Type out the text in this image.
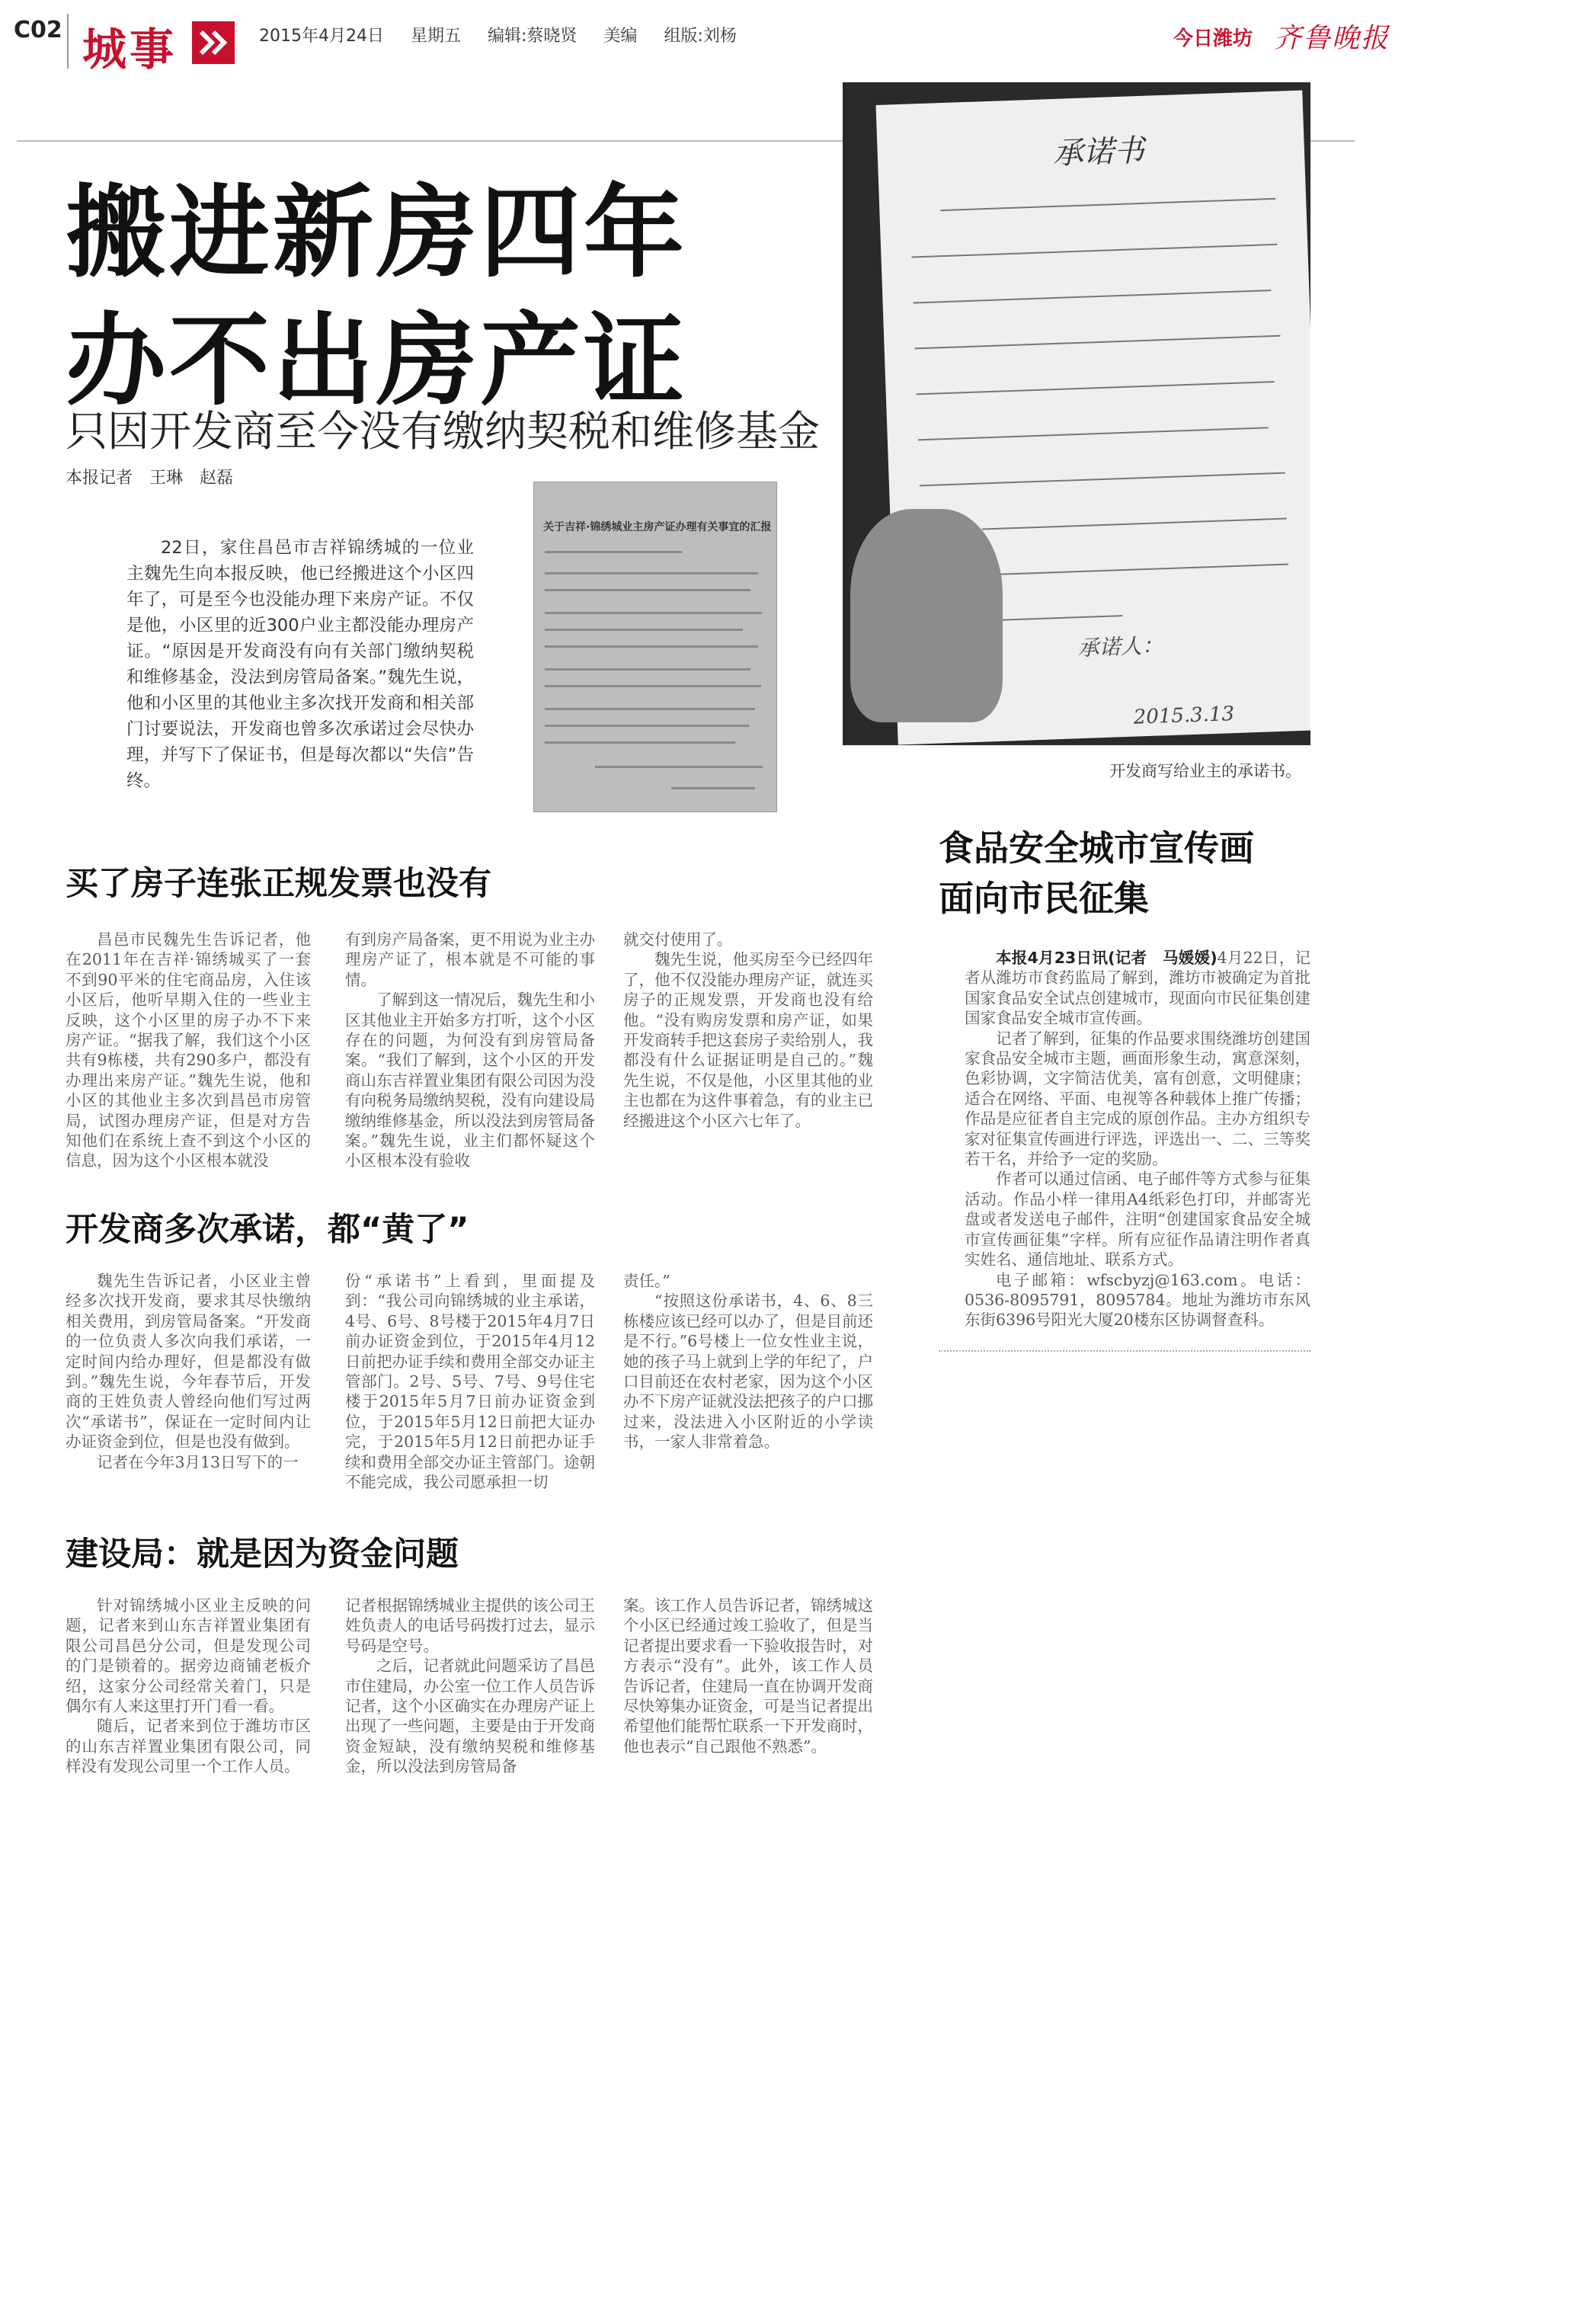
C02 城事	2015年4月24日 星期五 编辑:蔡晓贤 美编 组版:刘杨	今日潍坊 齐鲁晚报
搬进新房四年
办不出房产证
只因开发商至今没有缴纳契税和维修基金
本报记者　王琳　赵磊
22日，家住昌邑市吉祥锦绣城的一位业主魏先生向本报反映，他已经搬进这个小区四年了，可是至今也没能办理下来房产证。不仅是他，小区里的近300户业主都没能办理房产证。“原因是开发商没有向有关部门缴纳契税和维修基金，没法到房管局备案。”魏先生说，他和小区里的其他业主多次找开发商和相关部门讨要说法，开发商也曾多次承诺过会尽快办理，并写下了保证书，但是每次都以“失信”告终。
关于吉祥·锦绣城业主房产证办理有关事宜的汇报
承诺书
承诺人：
2015.3.13
开发商写给业主的承诺书。
买了房子连张正规发票也没有

昌邑市民魏先生告诉记者，他在2011年在吉祥·锦绣城买了一套不到90平米的住宅商品房，入住该小区后，他听早期入住的一些业主反映，这个小区里的房子办不下来房产证。“据我了解，我们这个小区共有9栋楼，共有290多户，都没有办理出来房产证。”魏先生说，他和小区的其他业主多次到昌邑市房管局，试图办理房产证，但是对方告知他们在系统上查不到这个小区的信息，因为这个小区根本就没

有到房产局备案，更不用说为业主办理房产证了，根本就是不可能的事情。

了解到这一情况后，魏先生和小区其他业主开始多方打听，这个小区存在的问题，为何没有到房管局备案。“我们了解到，这个小区的开发商山东吉祥置业集团有限公司因为没有向税务局缴纳契税，没有向建设局缴纳维修基金，所以没法到房管局备案。”魏先生说，业主们都怀疑这个小区根本没有验收

就交付使用了。

魏先生说，他买房至今已经四年了，他不仅没能办理房产证，就连买房子的正规发票，开发商也没有给他。“没有购房发票和房产证，如果开发商转手把这套房子卖给别人，我都没有什么证据证明是自己的。”魏先生说，不仅是他，小区里其他的业主也都在为这件事着急，有的业主已经搬进这个小区六七年了。

开发商多次承诺，都“黄了”

魏先生告诉记者，小区业主曾经多次找开发商，要求其尽快缴纳相关费用，到房管局备案。“开发商的一位负责人多次向我们承诺，一定时间内给办理好，但是都没有做到。”魏先生说，今年春节后，开发商的王姓负责人曾经向他们写过两次“承诺书”，保证在一定时间内让办证资金到位，但是也没有做到。

记者在今年3月13日写下的一

份“承诺书”上看到，里面提及到：“我公司向锦绣城的业主承诺，4号、6号、8号楼于2015年4月7日前办证资金到位，于2015年4月12日前把办证手续和费用全部交办证主管部门。2号、5号、7号、9号住宅楼于2015年5月7日前办证资金到位，于2015年5月12日前把大证办完，于2015年5月12日前把办证手续和费用全部交办证主管部门。途朝不能完成，我公司愿承担一切

责任。”

“按照这份承诺书，4、6、8三栋楼应该已经可以办了，但是目前还是不行。”6号楼上一位女性业主说，她的孩子马上就到上学的年纪了，户口目前还在农村老家，因为这个小区办不下房产证就没法把孩子的户口挪过来，没法进入小区附近的小学读书，一家人非常着急。

建设局：就是因为资金问题

针对锦绣城小区业主反映的问题，记者来到山东吉祥置业集团有限公司昌邑分公司，但是发现公司的门是锁着的。据旁边商铺老板介绍，这家分公司经常关着门，只是偶尔有人来这里打开门看一看。

随后，记者来到位于潍坊市区的山东吉祥置业集团有限公司，同样没有发现公司里一个工作人员。

记者根据锦绣城业主提供的该公司王姓负责人的电话号码拨打过去，显示号码是空号。

之后，记者就此问题采访了昌邑市住建局，办公室一位工作人员告诉记者，这个小区确实在办理房产证上出现了一些问题，主要是由于开发商资金短缺，没有缴纳契税和维修基金，所以没法到房管局备

案。该工作人员告诉记者，锦绣城这个小区已经通过竣工验收了，但是当记者提出要求看一下验收报告时，对方表示“没有”。此外，该工作人员告诉记者，住建局一直在协调开发商尽快筹集办证资金，可是当记者提出希望他们能帮忙联系一下开发商时，他也表示“自己跟他不熟悉”。

食品安全城市宣传画
面向市民征集

本报4月23日讯(记者　马媛媛)4月22日，记者从潍坊市食药监局了解到，潍坊市被确定为首批国家食品安全试点创建城市，现面向市民征集创建国家食品安全城市宣传画。

记者了解到，征集的作品要求围绕潍坊创建国家食品安全城市主题，画面形象生动，寓意深刻，色彩协调，文字简洁优美，富有创意，文明健康；适合在网络、平面、电视等各种载体上推广传播；作品是应征者自主完成的原创作品。主办方组织专家对征集宣传画进行评选，评选出一、二、三等奖若干名，并给予一定的奖励。

作者可以通过信函、电子邮件等方式参与征集活动。作品小样一律用A4纸彩色打印，并邮寄光盘或者发送电子邮件，注明“创建国家食品安全城市宣传画征集”字样。所有应征作品请注明作者真实姓名、通信地址、联系方式。

电子邮箱：wfscbyzj@163.com。电话：0536-8095791，8095784。地址为潍坊市东风东街6396号阳光大厦20楼东区协调督查科。
